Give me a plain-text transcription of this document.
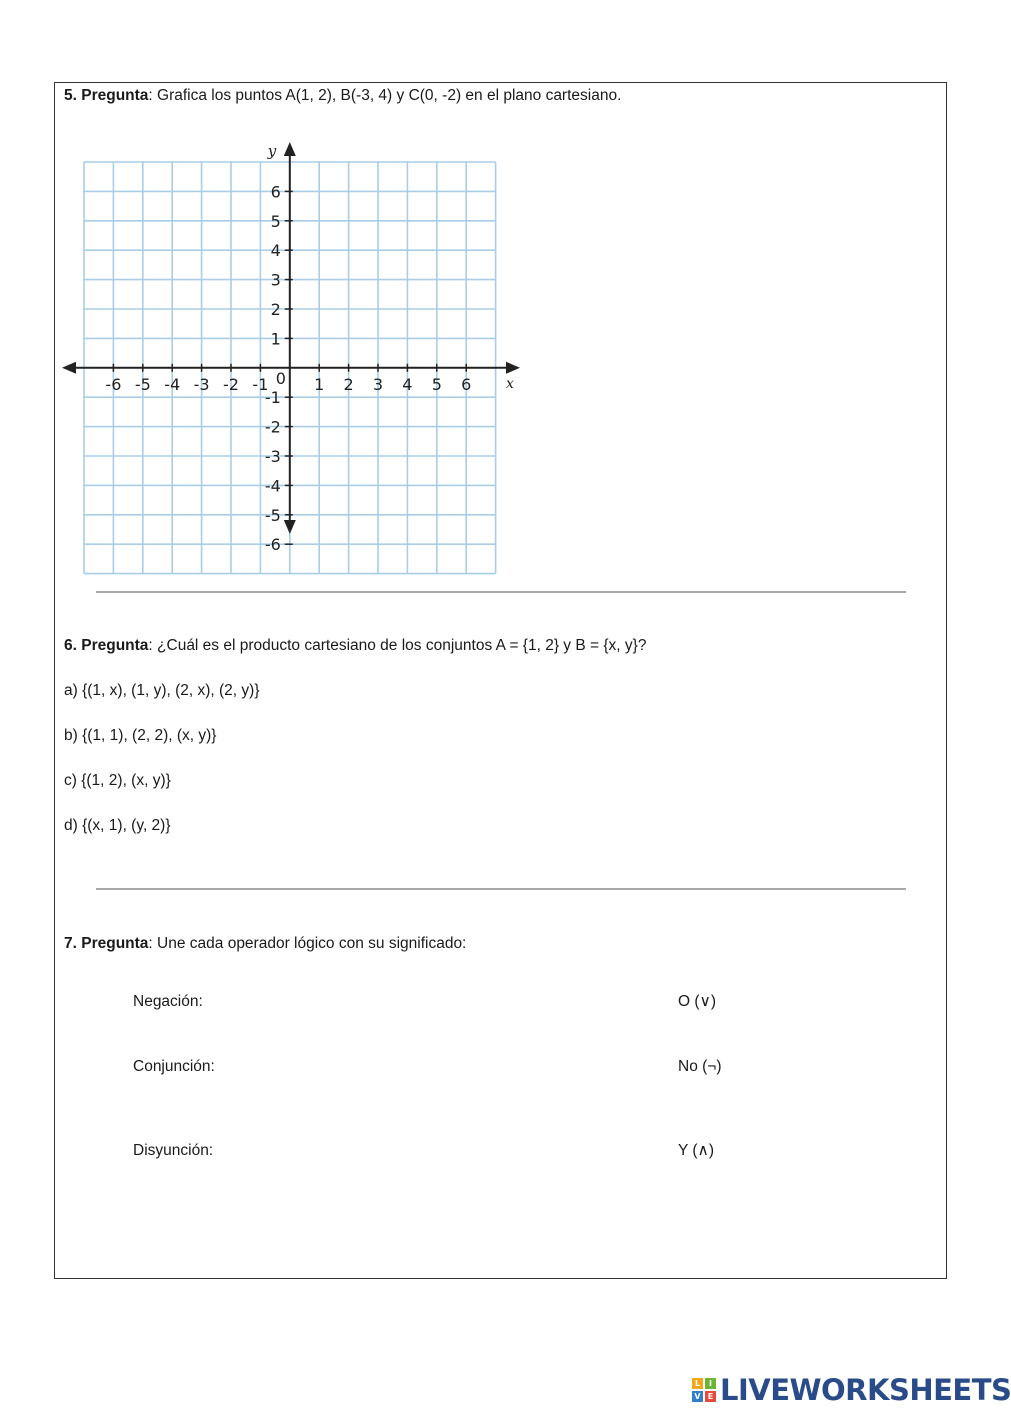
5. Pregunta: Grafica los puntos A(1, 2), B(-3, 4) y C(0, -2) en el plano cartesiano.
-6 -5 -4 -3 -2 -1	1 2 3 4 5 6
6
5
4
3
2
1
-1
-2
-3
-4
-5
-6
0
y
x
6. Pregunta: ¿Cuál es el producto cartesiano de los conjuntos A = {1, 2} y B = {x, y}?
a) {(1, x), (1, y), (2, x), (2, y)}
b) {(1, 1), (2, 2), (x, y)}
c) {(1, 2), (x, y)}
d) {(x, 1), (y, 2)}
7. Pregunta: Une cada operador lógico con su significado:
Negación:
Conjunción:
Disyunción:
O (∨)
No (¬)
Y (∧)
L	I
V E LIVEWORKSHEETS
